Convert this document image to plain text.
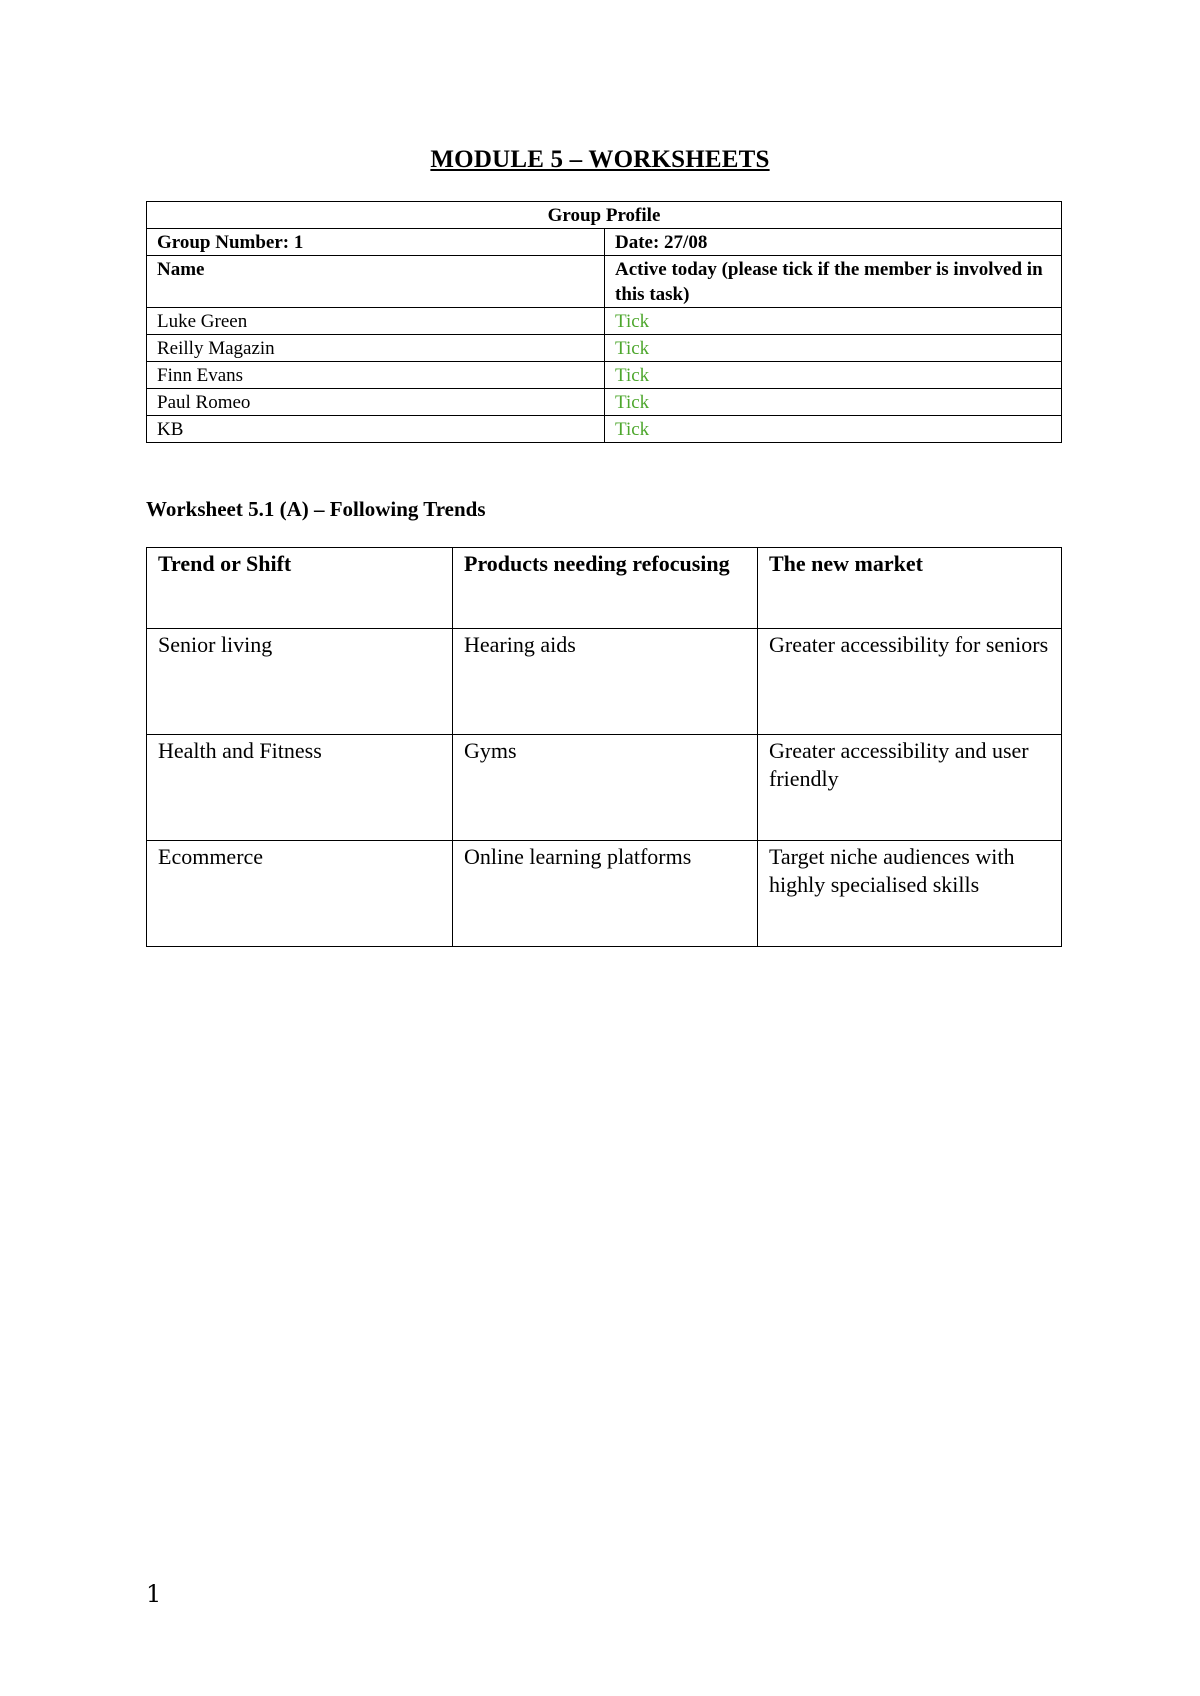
MODULE 5 – WORKSHEETS
Group Profile	
Group Number: 1	Date: 27/08
Name	Active today (please tick if the member is involved in this task)
Luke Green	Tick
Reilly Magazin	Tick
Finn Evans	Tick
Paul Romeo	Tick
KB	Tick
Worksheet 5.1 (A) – Following Trends
Trend or Shift	Products needing refocusing	The new market
Senior living	Hearing aids	Greater accessibility for seniors
Health and Fitness	Gyms	Greater accessibility and user friendly
Ecommerce	Online learning platforms	Target niche audiences with highly specialised skills
1
